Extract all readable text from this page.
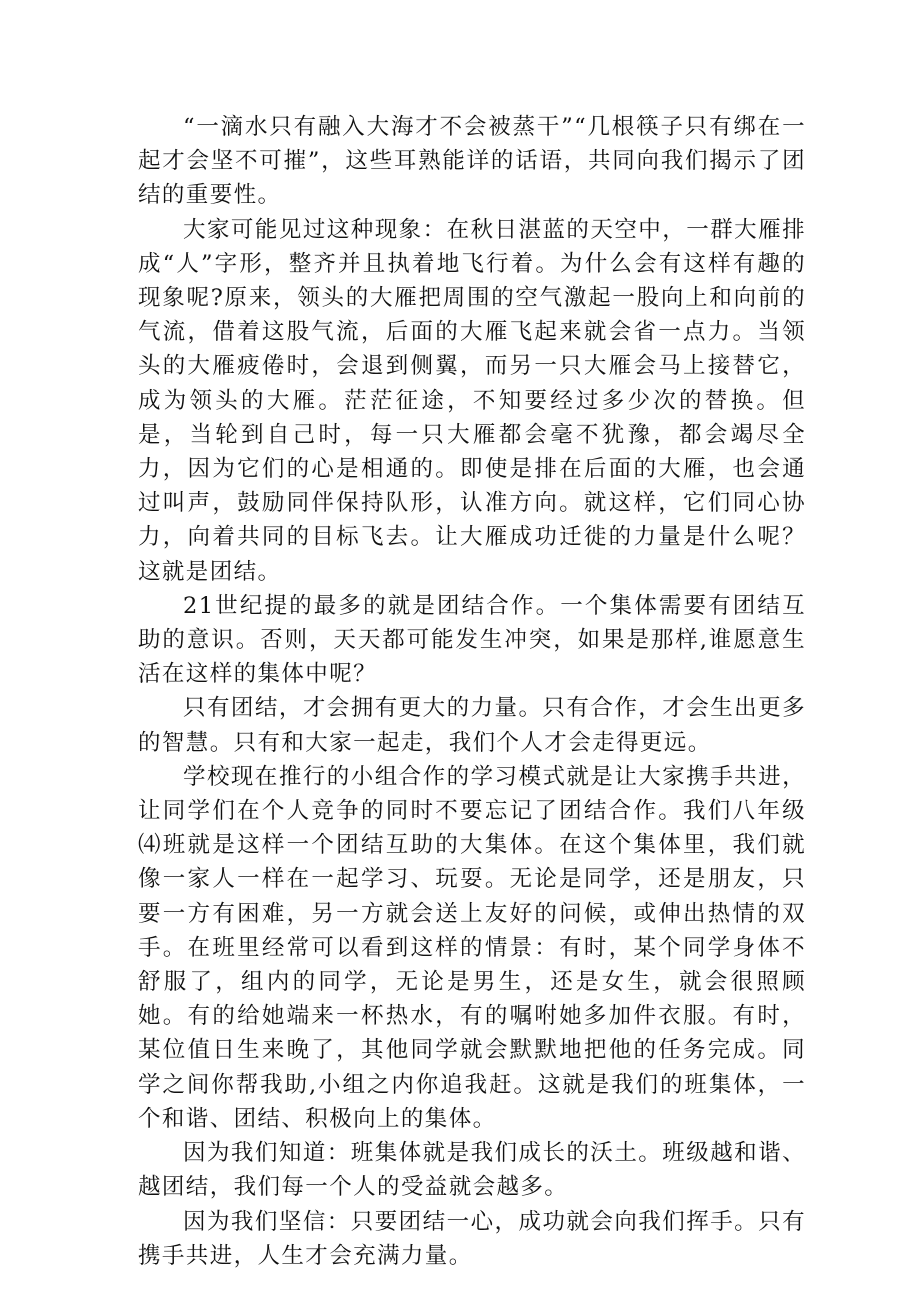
“一滴水只有融入大海才不会被蒸干”“几根筷子只有绑在一起才会坚不可摧”，这些耳熟能详的话语，共同向我们揭示了团结的重要性。

大家可能见过这种现象：在秋日湛蓝的天空中，一群大雁排成“人”字形，整齐并且执着地飞行着。为什么会有这样有趣的现象呢?原来，领头的大雁把周围的空气激起一股向上和向前的气流，借着这股气流，后面的大雁飞起来就会省一点力。当领头的大雁疲倦时，会退到侧翼，而另一只大雁会马上接替它，成为领头的大雁。茫茫征途，不知要经过多少次的替换。但是，当轮到自己时，每一只大雁都会毫不犹豫，都会竭尽全力，因为它们的心是相通的。即使是排在后面的大雁，也会通过叫声，鼓励同伴保持队形，认准方向。就这样，它们同心协力，向着共同的目标飞去。让大雁成功迁徙的力量是什么呢？这就是团结。

21世纪提的最多的就是团结合作。一个集体需要有团结互助的意识。否则，天天都可能发生冲突，如果是那样,谁愿意生活在这样的集体中呢？

只有团结，才会拥有更大的力量。只有合作，才会生出更多的智慧。只有和大家一起走，我们个人才会走得更远。

学校现在推行的小组合作的学习模式就是让大家携手共进，让同学们在个人竞争的同时不要忘记了团结合作。我们八年级⑷班就是这样一个团结互助的大集体。在这个集体里，我们就像一家人一样在一起学习、玩耍。无论是同学，还是朋友，只要一方有困难，另一方就会送上友好的问候，或伸出热情的双手。在班里经常可以看到这样的情景：有时，某个同学身体不舒服了，组内的同学，无论是男生，还是女生，就会很照顾她。有的给她端来一杯热水，有的嘱咐她多加件衣服。有时，某位值日生来晚了，其他同学就会默默地把他的任务完成。同学之间你帮我助,小组之内你追我赶。这就是我们的班集体，一个和谐、团结、积极向上的集体。

因为我们知道：班集体就是我们成长的沃土。班级越和谐、越团结，我们每一个人的受益就会越多。

因为我们坚信：只要团结一心，成功就会向我们挥手。只有携手共进，人生才会充满力量。
